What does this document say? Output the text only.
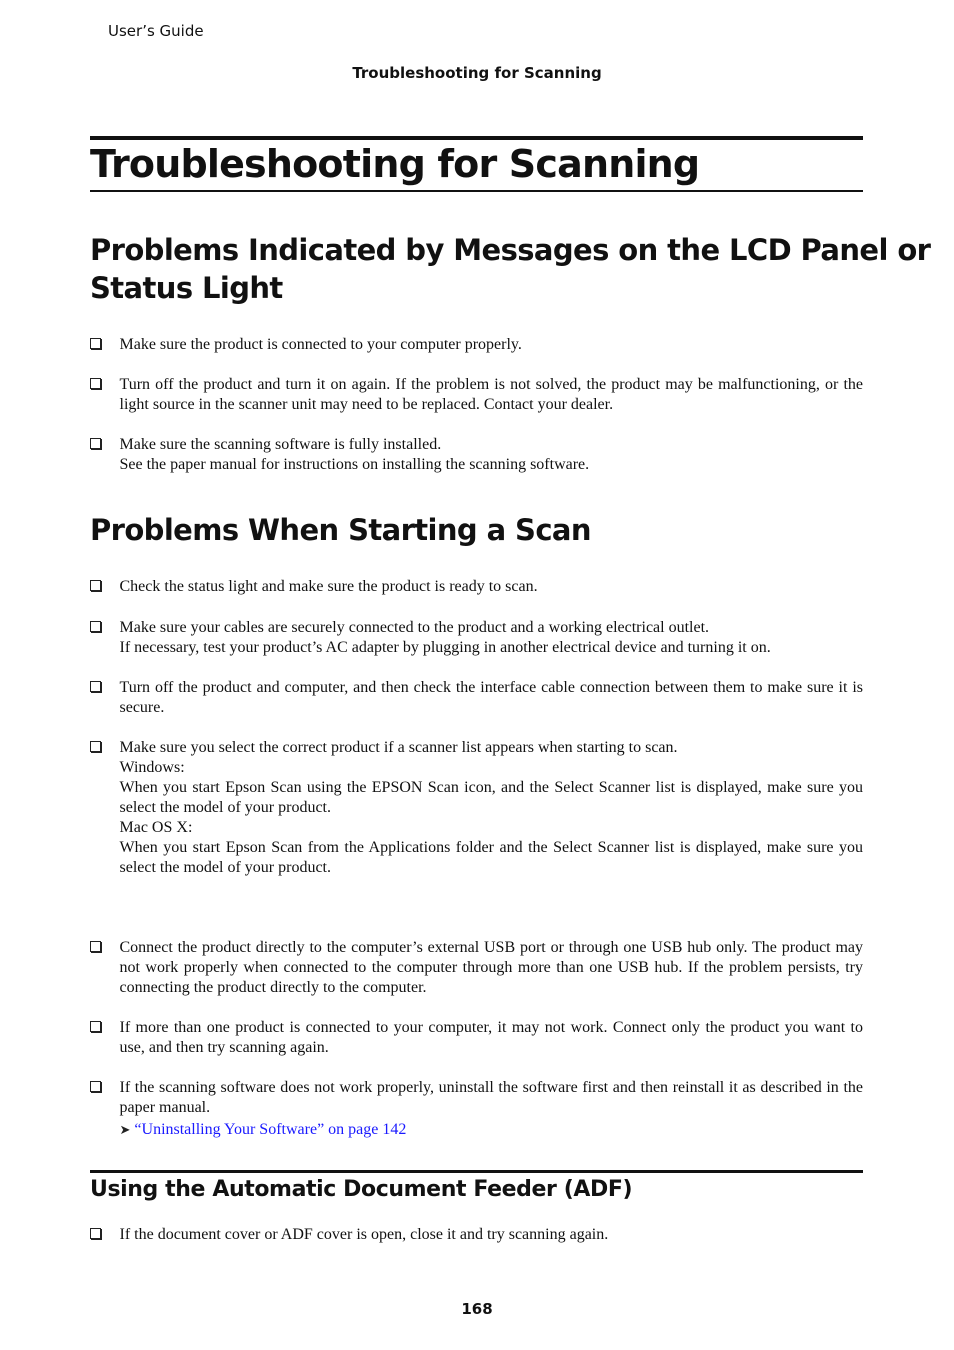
User’s Guide
Troubleshooting for Scanning
Troubleshooting for Scanning
Problems Indicated by Messages on the LCD Panel or
Status Light

Make sure the product is connected to your computer properly.

Turn off the product and turn it on again. If the problem is not solved, the product may be malfunctioning, or the light source in the scanner unit may need to be replaced. Contact your dealer.

Make sure the scanning software is fully installed.

See the paper manual for instructions on installing the scanning software.

Problems When Starting a Scan

Check the status light and make sure the product is ready to scan.

Make sure your cables are securely connected to the product and a working electrical outlet.

If necessary, test your product’s AC adapter by plugging in another electrical device and turning it on.

Turn off the product and computer, and then check the interface cable connection between them to make sure it is secure.

Make sure you select the correct product if a scanner list appears when starting to scan.

Windows:

When you start Epson Scan using the EPSON Scan icon, and the Select Scanner list is displayed, make sure you select the model of your product.

Mac OS X:

When you start Epson Scan from the Applications folder and the Select Scanner list is displayed, make sure you select the model of your product.

Connect the product directly to the computer’s external USB port or through one USB hub only. The product may not work properly when connected to the computer through more than one USB hub. If the problem persists, try connecting the product directly to the computer.

If more than one product is connected to your computer, it may not work. Connect only the product you want to use, and then try scanning again.

If the scanning software does not work properly, uninstall the software first and then reinstall it as described in the paper manual.

➤ “Uninstalling Your Software” on page 142

Using the Automatic Document Feeder (ADF)

If the document cover or ADF cover is open, close it and try scanning again.

168
